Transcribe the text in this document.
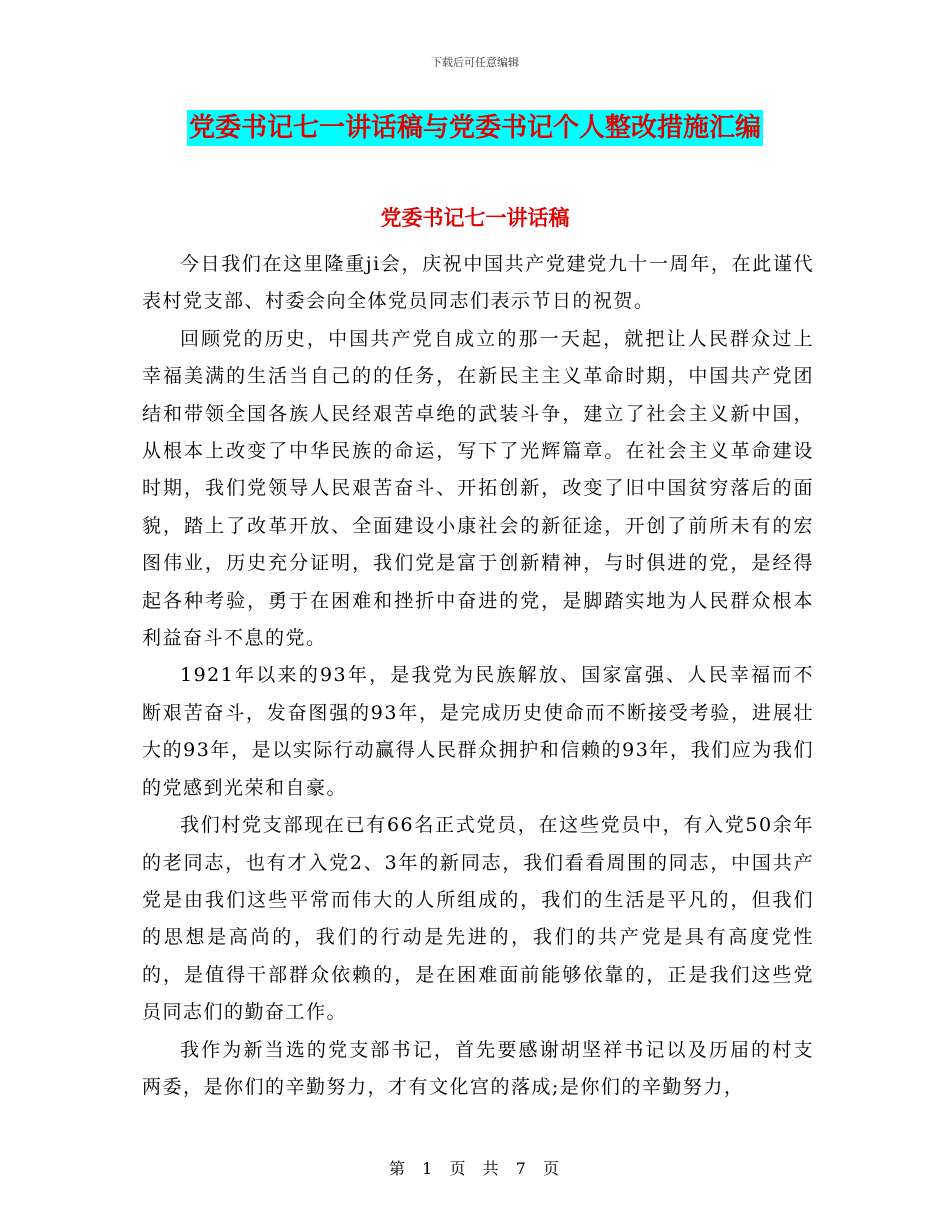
下载后可任意编辑
党委书记七一讲话稿与党委书记个人整改措施汇编
党委书记七一讲话稿

今日我们在这里隆重ji会，庆祝中国共产党建党九十一周年，在此谨代表村党支部、村委会向全体党员同志们表示节日的祝贺。

回顾党的历史，中国共产党自成立的那一天起，就把让人民群众过上幸福美满的生活当自己的的任务，在新民主主义革命时期，中国共产党团结和带领全国各族人民经艰苦卓绝的武装斗争，建立了社会主义新中国，从根本上改变了中华民族的命运，写下了光辉篇章。在社会主义革命建设时期，我们党领导人民艰苦奋斗、开拓创新，改变了旧中国贫穷落后的面貌，踏上了改革开放、全面建设小康社会的新征途，开创了前所未有的宏图伟业，历史充分证明，我们党是富于创新精神，与时俱进的党，是经得起各种考验，勇于在困难和挫折中奋进的党，是脚踏实地为人民群众根本利益奋斗不息的党。

1921年以来的93年，是我党为民族解放、国家富强、人民幸福而不断艰苦奋斗，发奋图强的93年，是完成历史使命而不断接受考验，进展壮大的93年，是以实际行动赢得人民群众拥护和信赖的93年，我们应为我们的党感到光荣和自豪。

我们村党支部现在已有66名正式党员，在这些党员中，有入党50余年的老同志，也有才入党2、3年的新同志，我们看看周围的同志，中国共产党是由我们这些平常而伟大的人所组成的，我们的生活是平凡的，但我们的思想是高尚的，我们的行动是先进的，我们的共产党是具有高度党性的，是值得干部群众依赖的，是在困难面前能够依靠的，正是我们这些党员同志们的勤奋工作。

我作为新当选的党支部书记，首先要感谢胡坚祥书记以及历届的村支两委，是你们的辛勤努力，才有文化宫的落成;是你们的辛勤努力，

第 1 页 共 7 页
